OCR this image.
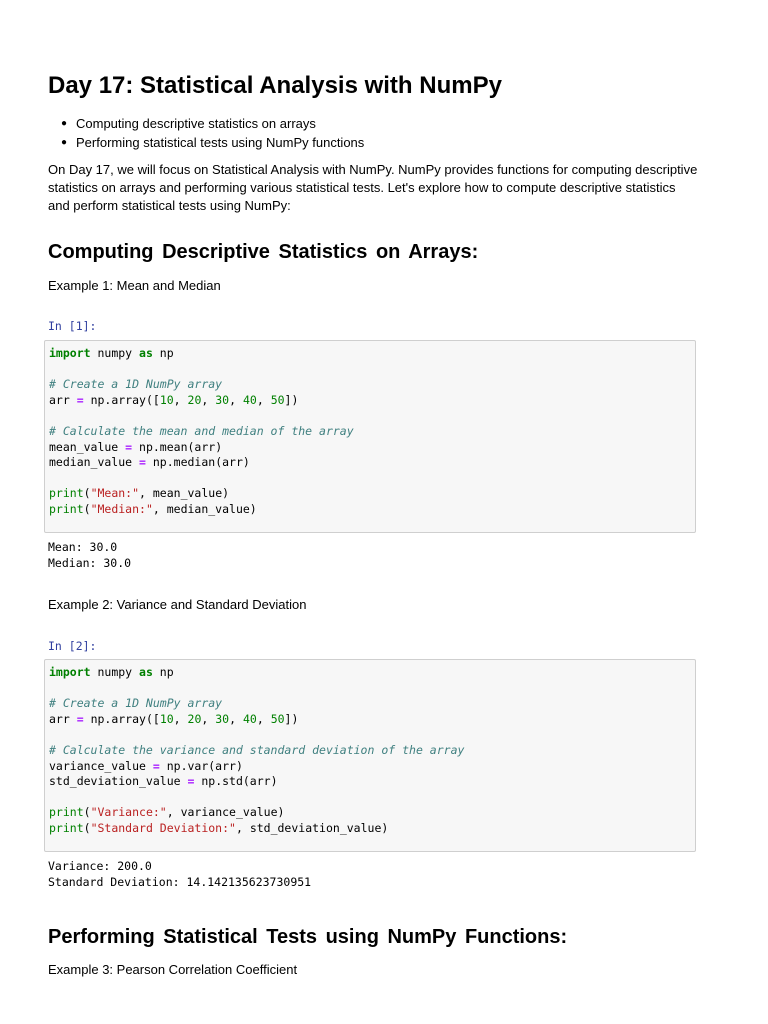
Day 17: Statistical Analysis with NumPy
● Computing descriptive statistics on arrays
● Performing statistical tests using NumPy functions

On Day 17, we will focus on Statistical Analysis with NumPy. NumPy provides functions for computing descriptive statistics on arrays and performing various statistical tests. Let's explore how to compute descriptive statistics and perform statistical tests using NumPy:

Computing Descriptive Statistics on Arrays:
Example 1: Mean and Median
In [1]:
import numpy as np
# Create a 1D NumPy array
arr = np.array([10, 20, 30, 40, 50])
# Calculate the mean and median of the array
mean_value = np.mean(arr)
median_value = np.median(arr)
print("Mean:", mean_value)
print("Median:", median_value)
Mean: 30.0
Median: 30.0
Example 2: Variance and Standard Deviation
In [2]:
import numpy as np
# Create a 1D NumPy array
arr = np.array([10, 20, 30, 40, 50])
# Calculate the variance and standard deviation of the array
variance_value = np.var(arr)
std_deviation_value = np.std(arr)
print("Variance:", variance_value)
print("Standard Deviation:", std_deviation_value)
Variance: 200.0
Standard Deviation: 14.142135623730951
Performing Statistical Tests using NumPy Functions:
Example 3: Pearson Correlation Coefficient
